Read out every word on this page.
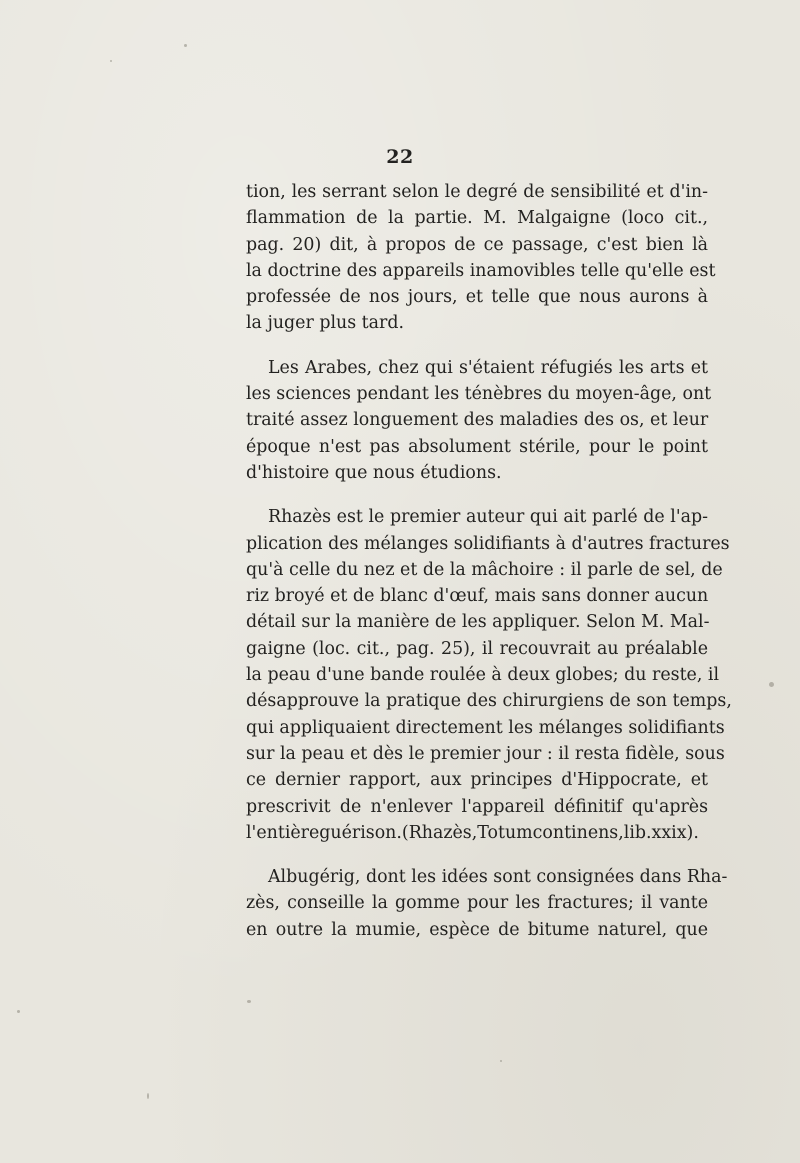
22
tion, les serrant selon le degré de sensibilité et d'in-
flammation de la partie. M. Malgaigne (loco cit.,
pag. 20) dit, à propos de ce passage, c'est bien là
la doctrine des appareils inamovibles telle qu'elle est
professée de nos jours, et telle que nous aurons à
la juger plus tard.
Les Arabes, chez qui s'étaient réfugiés les arts et
les sciences pendant les ténèbres du moyen-âge, ont
traité assez longuement des maladies des os, et leur
époque n'est pas absolument stérile, pour le point
d'histoire que nous étudions.
Rhazès est le premier auteur qui ait parlé de l'ap-
plication des mélanges solidifiants à d'autres fractures
qu'à celle du nez et de la mâchoire : il parle de sel, de
riz broyé et de blanc d'œuf, mais sans donner aucun
détail sur la manière de les appliquer. Selon M. Mal-
gaigne (loc. cit., pag. 25), il recouvrait au préalable
la peau d'une bande roulée à deux globes; du reste, il
désapprouve la pratique des chirurgiens de son temps,
qui appliquaient directement les mélanges solidifiants
sur la peau et dès le premier jour : il resta fidèle, sous
ce dernier rapport, aux principes d'Hippocrate, et
prescrivit de n'enlever l'appareil définitif qu'après
l'entièreguérison.(Rhazès,Totumcontinens,lib.xxix).
Albugérig, dont les idées sont consignées dans Rha-
zès, conseille la gomme pour les fractures; il vante
en outre la mumie, espèce de bitume naturel, que
